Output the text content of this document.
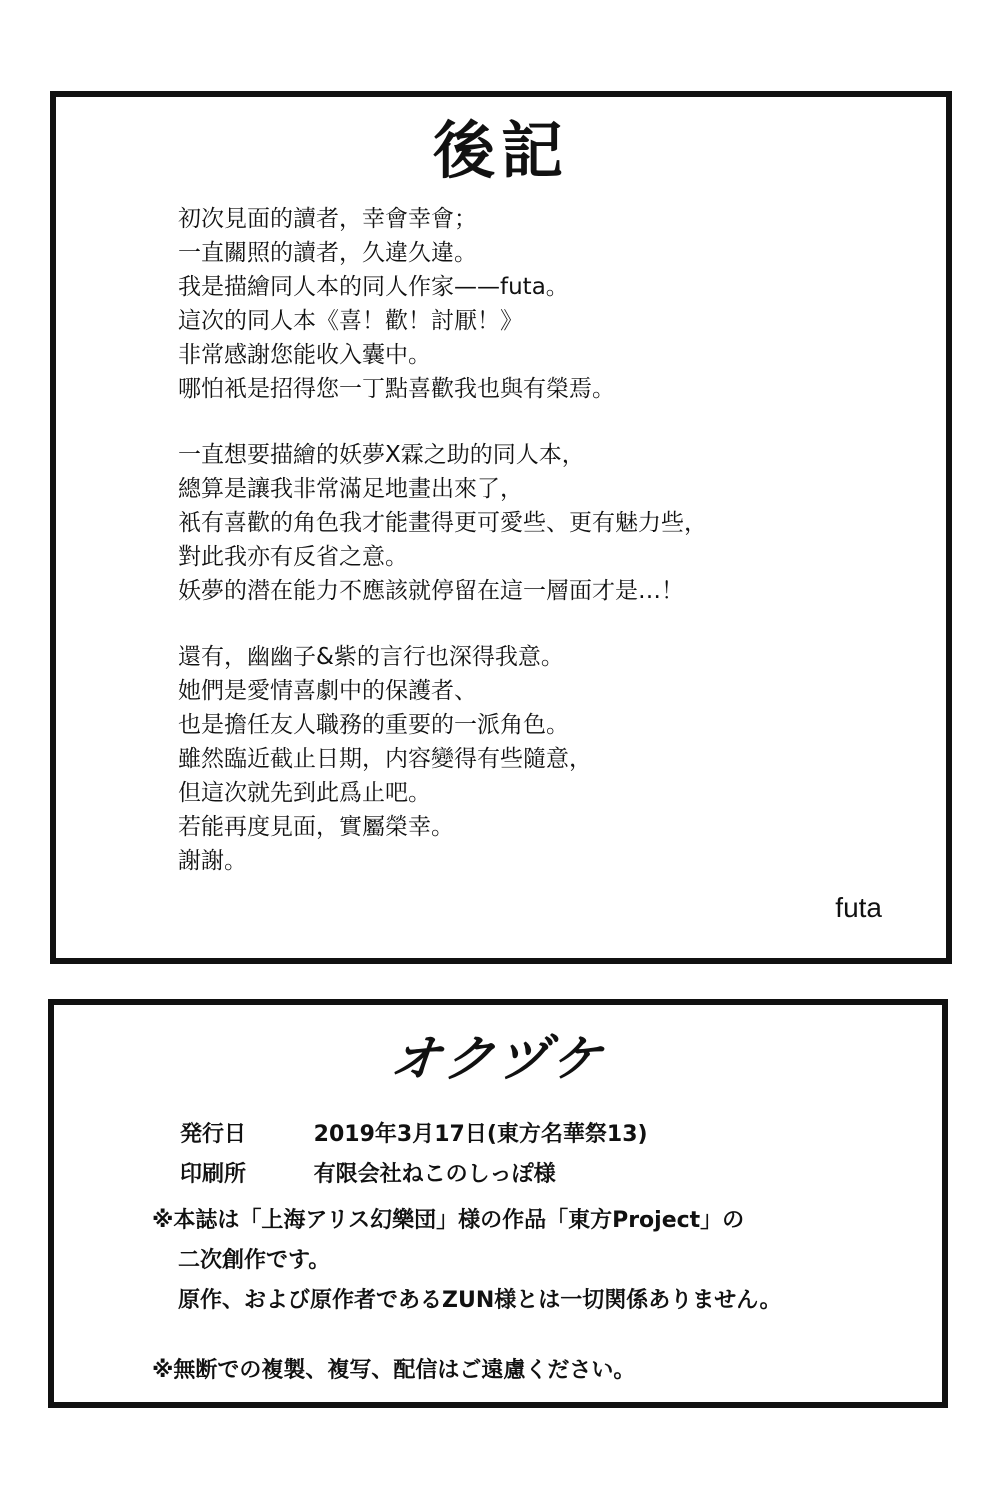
後記
初次見面的讀者，幸會幸會；
一直關照的讀者，久違久違。
我是描繪同人本的同人作家——futa。
這次的同人本《喜！歡！討厭！》
非常感謝您能收入囊中。
哪怕衹是招得您一丁點喜歡我也與有榮焉。
一直想要描繪的妖夢X霖之助的同人本，
總算是讓我非常滿足地畫出來了，
衹有喜歡的角色我才能畫得更可愛些、更有魅力些，
對此我亦有反省之意。
妖夢的潜在能力不應該就停留在這一層面才是…！
還有，幽幽子&紫的言行也深得我意。
她們是愛情喜劇中的保護者、
也是擔任友人職務的重要的一派角色。
雖然臨近截止日期，内容變得有些隨意，
但這次就先到此爲止吧。
若能再度見面，實屬榮幸。
謝謝。
futa
オクヅケ
発行日	2019年3月17日(東方名華祭13)
印刷所	有限会社ねこのしっぽ様
※本誌は「上海アリス幻樂団」様の作品「東方Project」の
二次創作です。
原作、および原作者であるZUN様とは一切関係ありません。
※無断での複製、複写、配信はご遠慮ください。
